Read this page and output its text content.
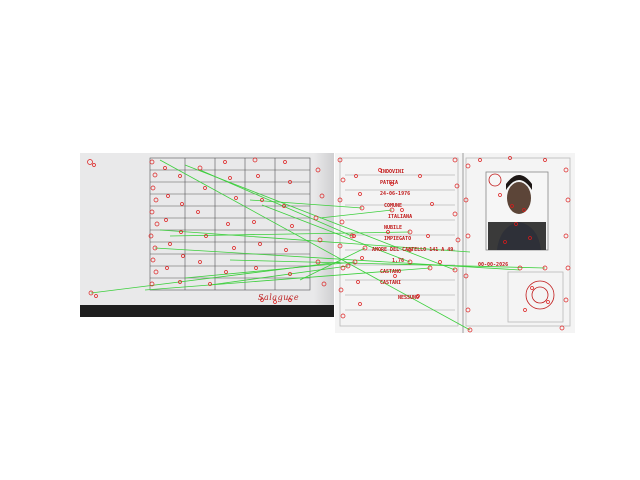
INDOVINI
PATRIA
24-06-1976
COMUNE
ITALIANA
NUBILE
IMPIEGATO
AMORE DEL CASTELLO 141 A 49
1,76
CASTANO
CASTANI
NESSUNO
00-00-2026
Salaguce
